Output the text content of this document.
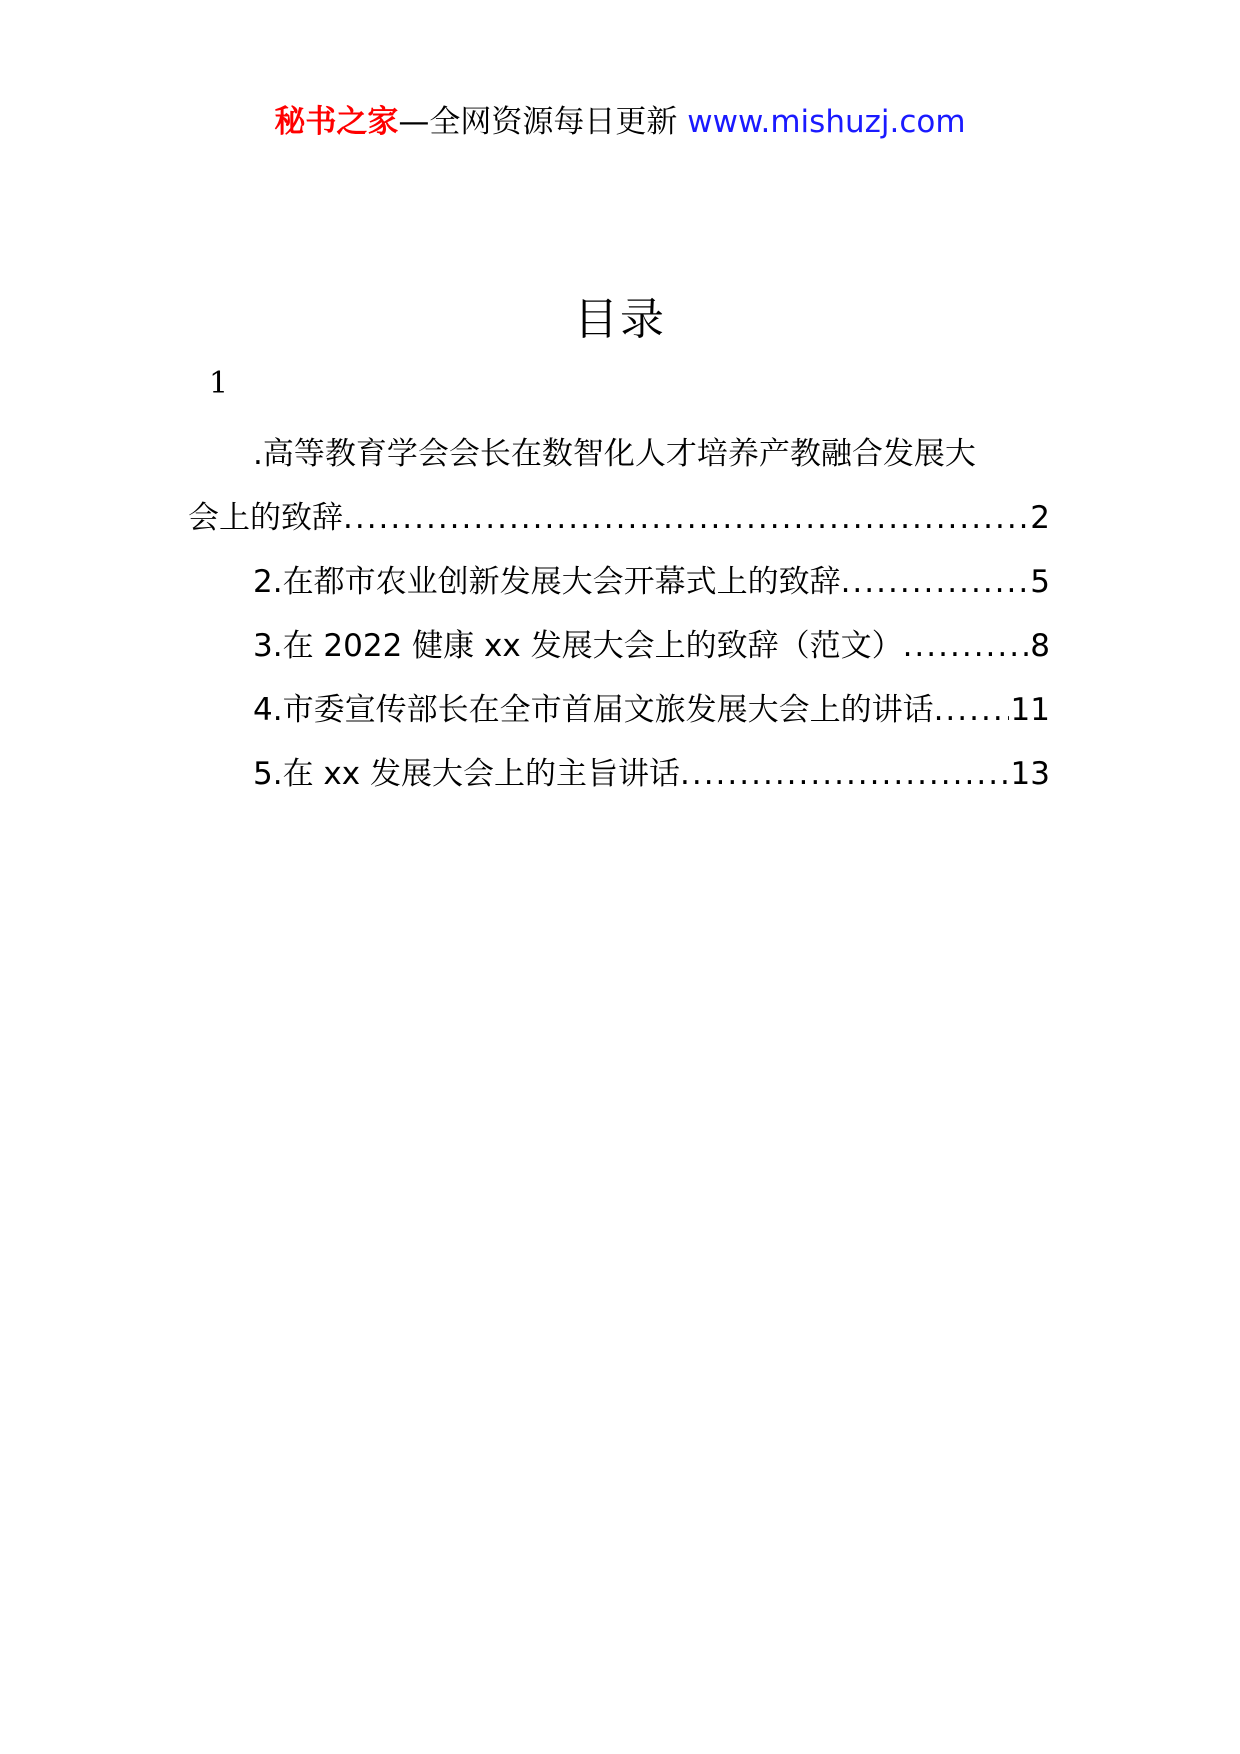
秘书之家—全网资源每日更新 www.mishuzj.com
目录
1
.高等教育学会会长在数智化人才培养产教融合发展大
会上的致辞 .....	2
2.在都市农业创新发展大会开幕式上的致辞 .....	5
3.在 2022 健康 xx 发展大会上的致辞（范文） .....	8
4.市委宣传部长在全市首届文旅发展大会上的讲话 ..... 11
5.在 xx 发展大会上的主旨讲话 .....	13
